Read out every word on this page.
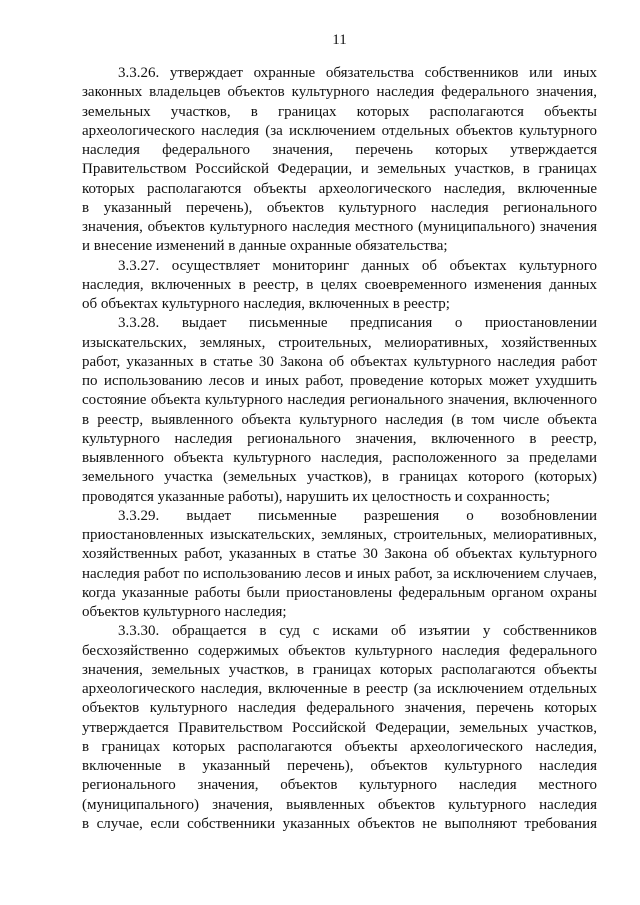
11
3.3.26. утверждает охранные обязательства собственников или иных
законных владельцев объектов культурного наследия федерального значения,
земельных участков, в границах которых располагаются объекты
археологического наследия (за исключением отдельных объектов культурного
наследия федерального значения, перечень которых утверждается
Правительством Российской Федерации, и земельных участков, в границах
которых располагаются объекты археологического наследия, включенные
в указанный перечень), объектов культурного наследия регионального
значения, объектов культурного наследия местного (муниципального) значения
и внесение изменений в данные охранные обязательства;
3.3.27. осуществляет мониторинг данных об объектах культурного
наследия, включенных в реестр, в целях своевременного изменения данных
об объектах культурного наследия, включенных в реестр;
3.3.28. выдает письменные предписания о приостановлении
изыскательских, земляных, строительных, мелиоративных, хозяйственных
работ, указанных в статье 30 Закона об объектах культурного наследия работ
по использованию лесов и иных работ, проведение которых может ухудшить
состояние объекта культурного наследия регионального значения, включенного
в реестр, выявленного объекта культурного наследия (в том числе объекта
культурного наследия регионального значения, включенного в реестр,
выявленного объекта культурного наследия, расположенного за пределами
земельного участка (земельных участков), в границах которого (которых)
проводятся указанные работы), нарушить их целостность и сохранность;
3.3.29. выдает письменные разрешения о возобновлении
приостановленных изыскательских, земляных, строительных, мелиоративных,
хозяйственных работ, указанных в статье 30 Закона об объектах культурного
наследия работ по использованию лесов и иных работ, за исключением случаев,
когда указанные работы были приостановлены федеральным органом охраны
объектов культурного наследия;
3.3.30. обращается в суд с исками об изъятии у собственников
бесхозяйственно содержимых объектов культурного наследия федерального
значения, земельных участков, в границах которых располагаются объекты
археологического наследия, включенные в реестр (за исключением отдельных
объектов культурного наследия федерального значения, перечень которых
утверждается Правительством Российской Федерации, земельных участков,
в границах которых располагаются объекты археологического наследия,
включенные в указанный перечень), объектов культурного наследия
регионального значения, объектов культурного наследия местного
(муниципального) значения, выявленных объектов культурного наследия
в случае, если собственники указанных объектов не выполняют требования
